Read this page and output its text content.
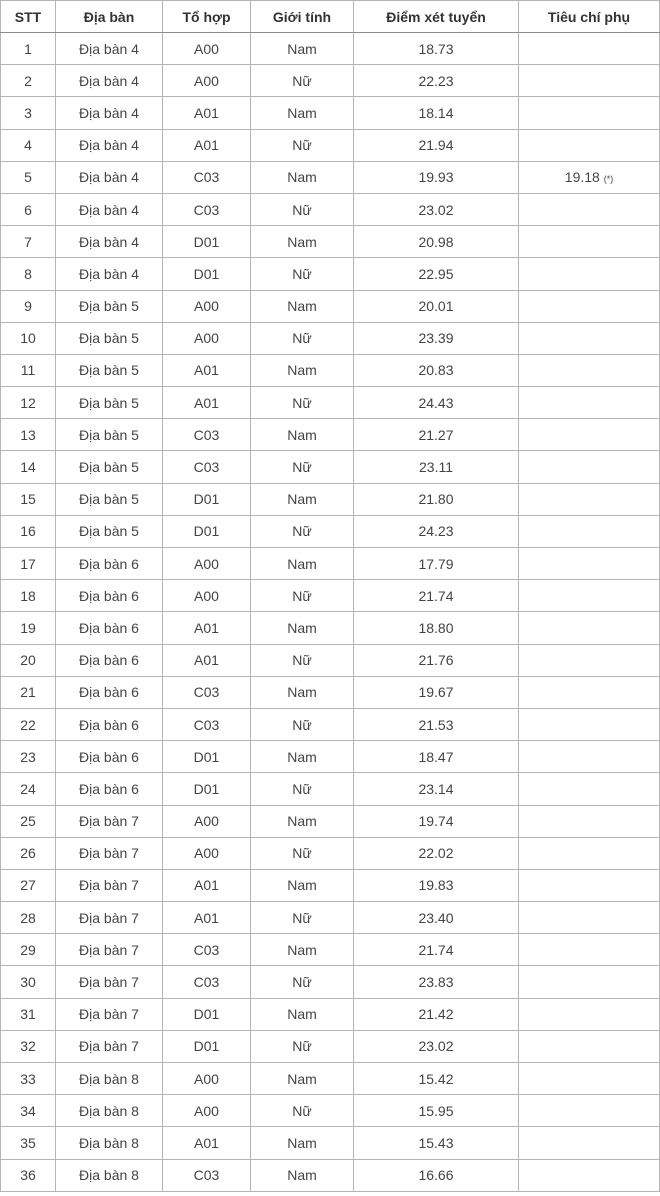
STT	Địa bàn	Tổ hợp	Giới tính	Điểm xét tuyển	Tiêu chí phụ
1	Địa bàn 4	A00	Nam	18.73	
2	Địa bàn 4	A00	Nữ	22.23	
3	Địa bàn 4	A01	Nam	18.14	
4	Địa bàn 4	A01	Nữ	21.94	
5	Địa bàn 4	C03	Nam	19.93	19.18 (*)
6	Địa bàn 4	C03	Nữ	23.02	
7	Địa bàn 4	D01	Nam	20.98	
8	Địa bàn 4	D01	Nữ	22.95	
9	Địa bàn 5	A00	Nam	20.01	
10	Địa bàn 5	A00	Nữ	23.39	
11	Địa bàn 5	A01	Nam	20.83	
12	Địa bàn 5	A01	Nữ	24.43	
13	Địa bàn 5	C03	Nam	21.27	
14	Địa bàn 5	C03	Nữ	23.11	
15	Địa bàn 5	D01	Nam	21.80	
16	Địa bàn 5	D01	Nữ	24.23	
17	Địa bàn 6	A00	Nam	17.79	
18	Địa bàn 6	A00	Nữ	21.74	
19	Địa bàn 6	A01	Nam	18.80	
20	Địa bàn 6	A01	Nữ	21.76	
21	Địa bàn 6	C03	Nam	19.67	
22	Địa bàn 6	C03	Nữ	21.53	
23	Địa bàn 6	D01	Nam	18.47	
24	Địa bàn 6	D01	Nữ	23.14	
25	Địa bàn 7	A00	Nam	19.74	
26	Địa bàn 7	A00	Nữ	22.02	
27	Địa bàn 7	A01	Nam	19.83	
28	Địa bàn 7	A01	Nữ	23.40	
29	Địa bàn 7	C03	Nam	21.74	
30	Địa bàn 7	C03	Nữ	23.83	
31	Địa bàn 7	D01	Nam	21.42	
32	Địa bàn 7	D01	Nữ	23.02	
33	Địa bàn 8	A00	Nam	15.42	
34	Địa bàn 8	A00	Nữ	15.95	
35	Địa bàn 8	A01	Nam	15.43	
36	Địa bàn 8	C03	Nam	16.66	
